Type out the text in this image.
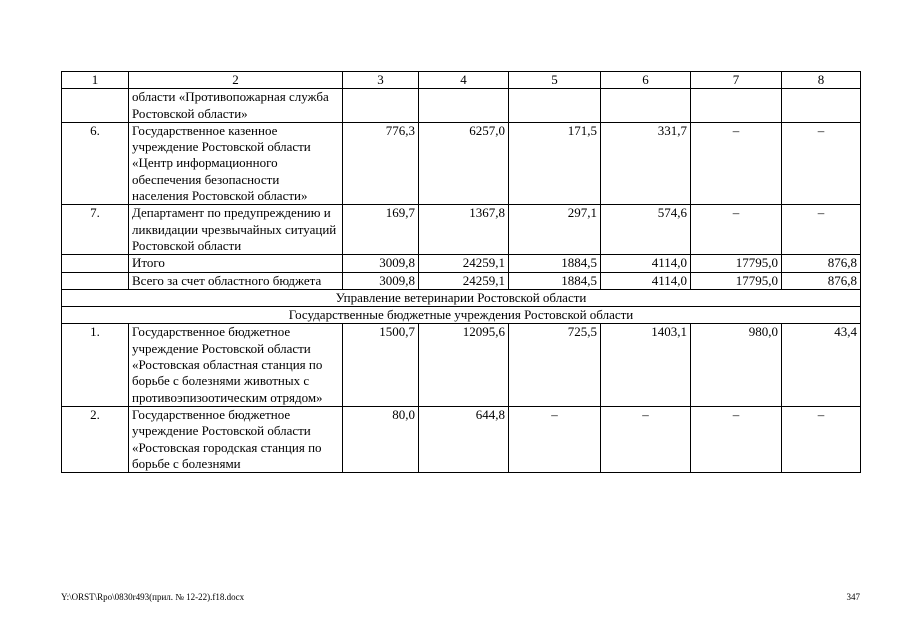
1	2	3	4	5	6	7	8
	области «Противопожарная служба Ростовской области»						
6.	Государственное казенное учреждение Ростовской области «Центр информационного обеспечения безопасности населения Ростовской области»	776,3	6257,0	171,5	331,7	–	–
7.	Департамент по предупреждению и ликвидации чрезвычайных ситуаций Ростовской области	169,7	1367,8	297,1	574,6	–	–
	Итого	3009,8	24259,1	1884,5	4114,0	17795,0	876,8
	Всего за счет областного бюджета	3009,8	24259,1	1884,5	4114,0	17795,0	876,8
Управление ветеринарии Ростовской области							
Государственные бюджетные учреждения Ростовской области							
1.	Государственное бюджетное учреждение Ростовской области «Ростовская областная станция по борьбе с болезнями животных с противоэпизоотическим отрядом»	1500,7	12095,6	725,5	1403,1	980,0	43,4
2.	Государственное бюджетное учреждение Ростовской области «Ростовская городская станция по борьбе с болезнями	80,0	644,8	–	–	–	–
Y:\ORST\Rpo\0830r493(прил. № 12-22).f18.docx	347
